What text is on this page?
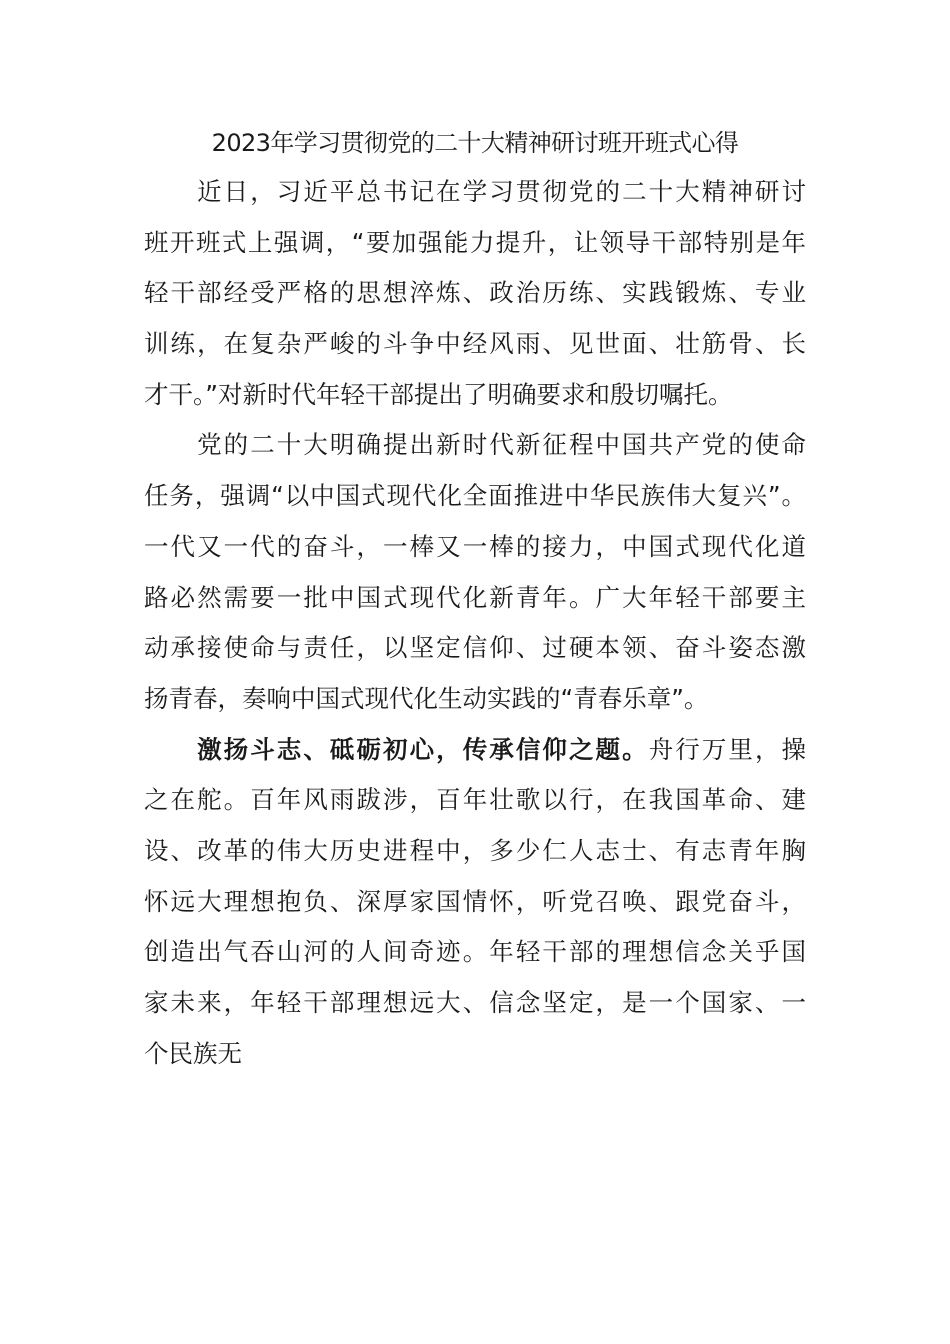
2023年学习贯彻党的二十大精神研讨班开班式心得
近日，习近平总书记在学习贯彻党的二十大精神研讨
班开班式上强调，“要加强能力提升，让领导干部特别是年
轻干部经受严格的思想淬炼、政治历练、实践锻炼、专业
训练，在复杂严峻的斗争中经风雨、见世面、壮筋骨、长
才干。”对新时代年轻干部提出了明确要求和殷切嘱托。
党的二十大明确提出新时代新征程中国共产党的使命
任务，强调“以中国式现代化全面推进中华民族伟大复兴”。
一代又一代的奋斗，一棒又一棒的接力，中国式现代化道
路必然需要一批中国式现代化新青年。广大年轻干部要主
动承接使命与责任，以坚定信仰、过硬本领、奋斗姿态激
扬青春，奏响中国式现代化生动实践的“青春乐章”。
激扬斗志、砥砺初心，传承信仰之题。舟行万里，操
之在舵。百年风雨跋涉，百年壮歌以行，在我国革命、建
设、改革的伟大历史进程中，多少仁人志士、有志青年胸
怀远大理想抱负、深厚家国情怀，听党召唤、跟党奋斗，
创造出气吞山河的人间奇迹。年轻干部的理想信念关乎国
家未来，年轻干部理想远大、信念坚定，是一个国家、一
个民族无
